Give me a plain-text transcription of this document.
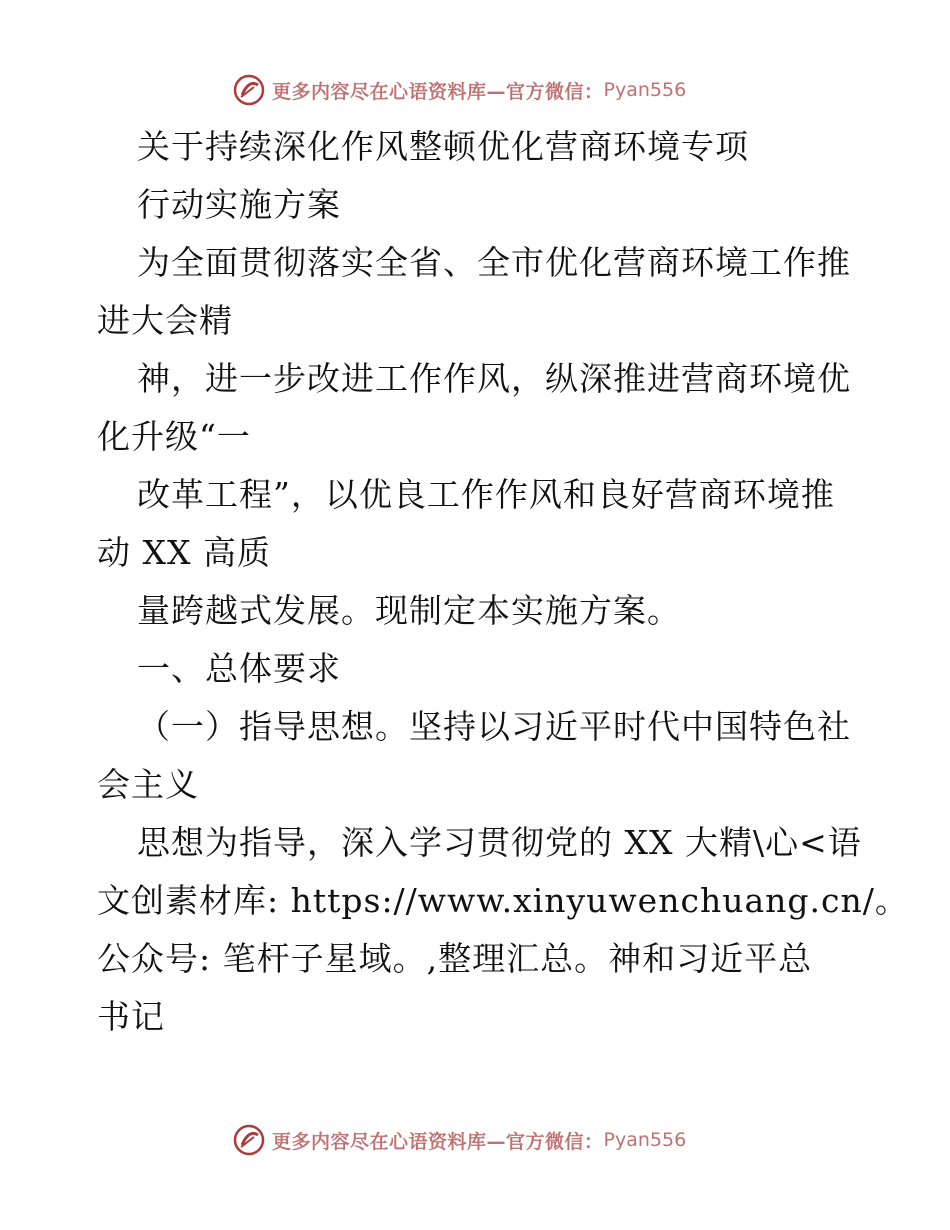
更多内容尽在心语资料库—官方微信： Pyan556
关于持续深化作风整顿优化营商环境专项
行动实施方案
为全面贯彻落实全省、全市优化营商环境工作推
进大会精
神，进一步改进工作作风，纵深推进营商环境优
化升级“一
改革工程”，以优良工作作风和良好营商环境推
动 XX 高质
量跨越式发展。现制定本实施方案。
一、总体要求
（一）指导思想。坚持以习近平时代中国特色社
会主义
思想为指导，深入学习贯彻党的 XX 大精\心<语
文创素材库: https://www.xinyuwenchuang.cn/。
公众号: 笔杆子星域。,整理汇总。神和习近平总
书记
更多内容尽在心语资料库—官方微信： Pyan556
